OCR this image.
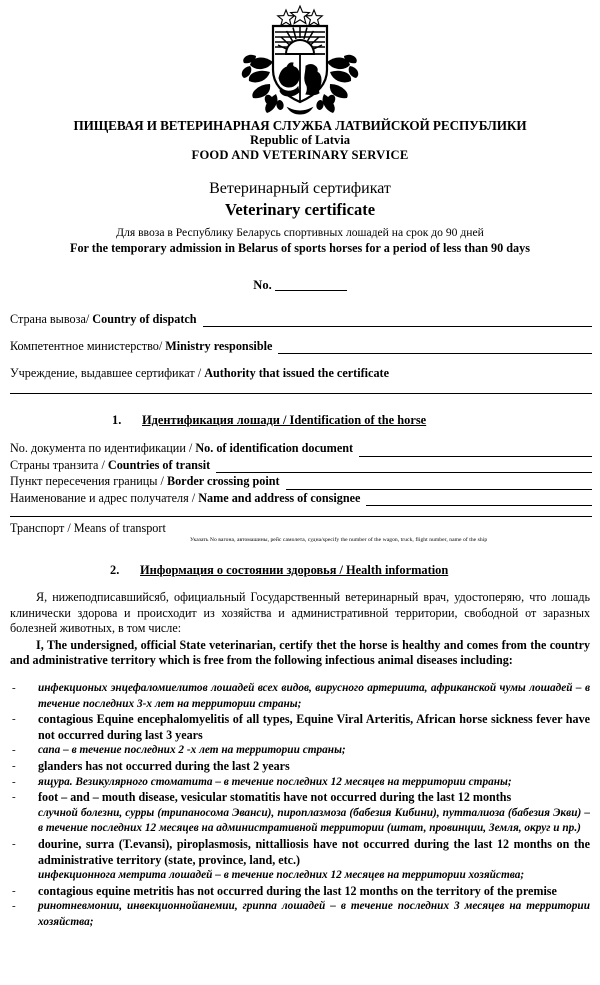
ПИЩЕВАЯ И ВЕТЕРИНАРНАЯ СЛУЖБА ЛАТВИЙСКОЙ РЕСПУБЛИКИ
Republic of Latvia
FOOD AND VETERINARY SERVICE
Ветеринарный сертификат
Veterinary certificate
Для ввоза в Республику Беларусь спортивных лошадей на срок до 90 дней
For the temporary admission in Belarus of sports horses for a period of less than 90 days
No.
Страна вывоза/
Country of dispatch
Компетентное министерство/
Ministry responsible
Учреждение, выдавшее сертификат /
Authority that issued the certificate
1.	Идентификация лошади / Identification of the horse
No. документа по идентификации /
No. of identification document
Страны транзита /
Countries of transit
Пункт пересечения границы /
Border crossing point
Наименование и адрес получателя /
Name and address of consignee
Транспорт /
Means of transport
Указать No вагона, автомашины, рейс самолета, судна/specify the number of the wagon, truck, flight number, name of the ship
2.	Информация о состоянии здоровья / Health information

Я, нижеподписавшийсяб, официальный Государственный ветеринарный врач, удостоперяю, что лошадь клинически здорова и происходит из хозяйства и административной территории, свободной от заразных болезней животных, в том числе:

I, The undersigned, official State veterinarian, certify thet the horse is healthy and comes from the country and administrative territory which is free from the following infectious animal diseases including:

-	инфекционых энцефаломиелитов лошадей всех видов, вирусного артериита, африканской чумы лошадей – в течение последних 3-х лет на территории страны;
-	contagious Equine encephalomyelitis of all types, Equine Viral Arteritis, African horse sickness fever have not occurred during last 3 years
-	сапа – в течение последних 2 -х лет на территории страны;
-	glanders has not occurred during the last 2 years
-	ящура. Везикулярного стоматита – в течение последних 12 месяцев на территории страны;
-	foot – and – mouth disease, vesicular stomatitis have not occurred during the last 12 months
случной болезни, сурры (трипаносома Эванси), пироплазмоза (бабезия Кибини), путталиоза (бабезия Экви) – в течение последних 12 месяцев на административной территории (штат, провинции, Земля, округ и пр.)
-	dourine, surra (T.evansi), piroplasmosis, nittalliosis have not occurred during the last 12 months on the administrative territory (state, province, land, etc.)
инфекционнога метрита лошадей – в течение последних 12 месяцев на территории хозяйства;
-	contagious equine metritis has not occurred during the last 12 months on the territory of the premise
-	ринотневмонии, инвекционнойанемии, гриппа лошадей – в течение последних 3 месяцев на территории хозяйства;
